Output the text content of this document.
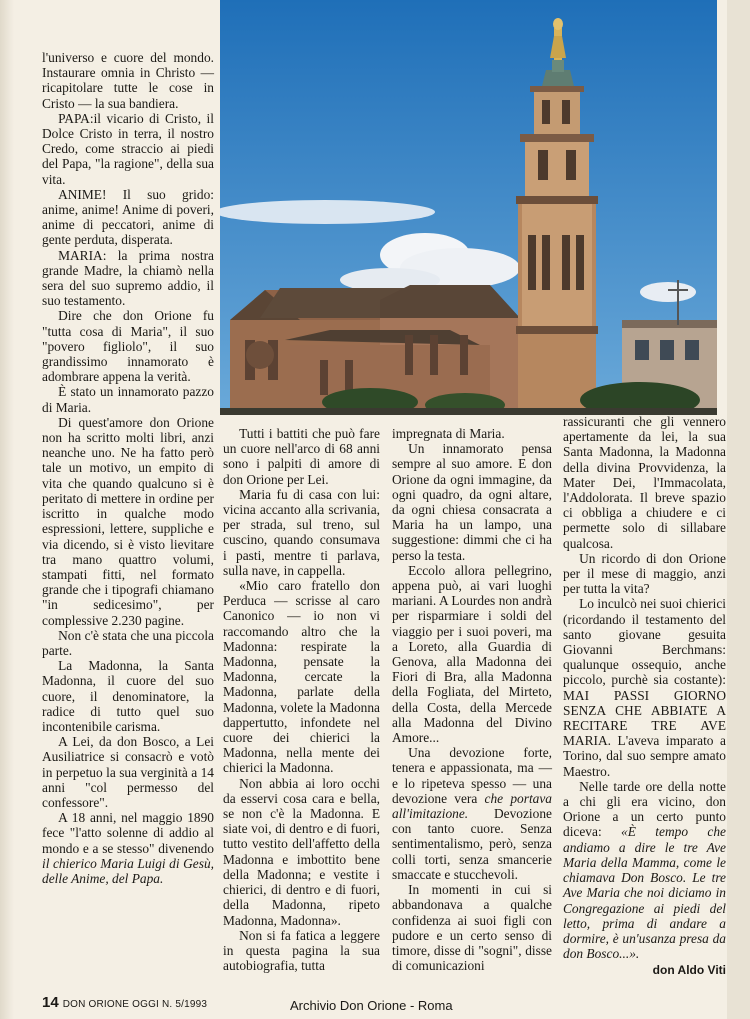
l'universo e cuore del mondo. Instaurare omnia in Christo — ricapitolare tutte le cose in Cristo — la sua bandiera.

PAPA:il vicario di Cristo, il Dolce Cristo in terra, il nostro Credo, come straccio ai piedi del Papa, "la ragione", della sua vita.

ANIME! Il suo grido: anime, anime! Anime di poveri, anime di peccatori, anime di gente perduta, disperata.

MARIA: la prima nostra grande Madre, la chiamò nella sera del suo supremo addio, il suo testamento.

Dire che don Orione fu "tutta cosa di Maria", il suo "povero figliolo", il suo grandissimo innamorato è adombrare appena la verità.

È stato un innamorato pazzo di Maria.

Di quest'amore don Orione non ha scritto molti libri, anzi neanche uno. Ne ha fatto però tale un motivo, un empito di vita che quando qualcuno si è peritato di mettere in ordine per iscritto in qualche modo espressioni, lettere, suppliche e via dicendo, si è visto lievitare tra mano quattro volumi, stampati fitti, nel formato grande che i tipografi chiamano "in sedicesimo", per complessive 2.230 pagine.

Non c'è stata che una piccola parte.

La Madonna, la Santa Madonna, il cuore del suo cuore, il denominatore, la radice di tutto quel suo incontenibile carisma.

A Lei, da don Bosco, a Lei Ausiliatrice si consacrò e votò in perpetuo la sua verginità a 14 anni "col permesso del confessore".

A 18 anni, nel maggio 1890 fece "l'atto solenne di addio al mondo e a se stesso" divenendo il chierico Maria Luigi di Gesù, delle Anime, del Papa.

Tutti i battiti che può fare un cuore nell'arco di 68 anni sono i palpiti di amore di don Orione per Lei.

Maria fu di casa con lui: vicina accanto alla scrivania, per strada, sul treno, sul cuscino, quando consumava i pasti, mentre ti parlava, sulla nave, in cappella.

«Mio caro fratello don Perduca — scrisse al caro Canonico — io non vi raccomando altro che la Madonna: respirate la Madonna, pensate la Madonna, cercate la Madonna, parlate della Madonna, volete la Madonna dappertutto, infondete nel cuore dei chierici la Madonna, nella mente dei chierici la Madonna.

Non abbia ai loro occhi da esservi cosa cara e bella, se non c'è la Madonna. E siate voi, di dentro e di fuori, tutto vestito dell'affetto della Madonna e imbottito bene della Madonna; e vestite i chierici, di dentro e di fuori, della Madonna, ripeto Madonna, Madonna».

Non si fa fatica a leggere in questa pagina la sua autobiografia, tutta

impregnata di Maria.

Un innamorato pensa sempre al suo amore. E don Orione da ogni immagine, da ogni quadro, da ogni altare, da ogni chiesa consacrata a Maria ha un lampo, una suggestione: dimmi che ci ha perso la testa.

Eccolo allora pellegrino, appena può, ai vari luoghi mariani. A Lourdes non andrà per risparmiare i soldi del viaggio per i suoi poveri, ma a Loreto, alla Guardia di Genova, alla Madonna dei Fiori di Bra, alla Madonna della Fogliata, del Mirteto, della Costa, della Mercede alla Madonna del Divino Amore...

Una devozione forte, tenera e appassionata, ma — e lo ripeteva spesso — una devozione vera che portava all'imitazione. Devozione con tanto cuore. Senza sentimentalismo, però, senza colli torti, senza smancerie smaccate e stucchevoli.

In momenti in cui si abbandonava a qualche confidenza ai suoi figli con pudore e un certo senso di timore, disse di "sogni", disse di comunicazioni

rassicuranti che gli vennero apertamente da lei, la sua Santa Madonna, la Madonna della divina Provvidenza, la Mater Dei, l'Immacolata, l'Addolorata. Il breve spazio ci obbliga a chiudere e ci permette solo di sillabare qualcosa.

Un ricordo di don Orione per il mese di maggio, anzi per tutta la vita?

Lo inculcò nei suoi chierici (ricordando il testamento del santo giovane gesuita Giovanni Berchmans: qualunque ossequio, anche piccolo, purchè sia costante): MAI PASSI GIORNO SENZA CHE ABBIATE A RECITARE TRE AVE MARIA. L'aveva imparato a Torino, dal suo sempre amato Maestro.

Nelle tarde ore della notte a chi gli era vicino, don Orione a un certo punto diceva: «È tempo che andiamo a dire le tre Ave Maria della Mamma, come le chiamava Don Bosco. Le tre Ave Maria che noi diciamo in Congregazione ai piedi del letto, prima di andare a dormire, è un'usanza presa da don Bosco...».

don Aldo Viti
14 DON ORIONE OGGI N. 5/1993	Archivio Don Orione - Roma
